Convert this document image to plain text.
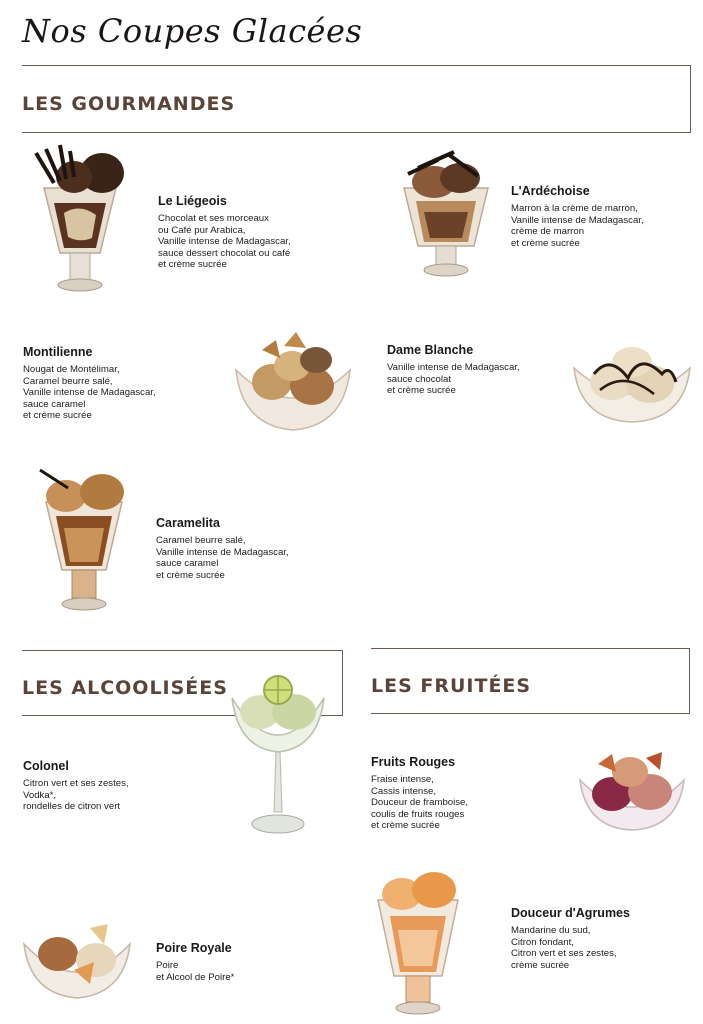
Nos Coupes Glacées
LES GOURMANDES
Le Liégeois
Chocolat et ses morceaux
ou Café pur Arabica,
Vanille intense de Madagascar,
sauce dessert chocolat ou café
et crème sucrée
L'Ardéchoise
Marron à la crème de marron,
Vanille intense de Madagascar,
crème de marron
et crème sucrée
Montilienne
Nougat de Montélimar,
Caramel beurre salé,
Vanille intense de Madagascar,
sauce caramel
et crème sucrée
Dame Blanche
Vanille intense de Madagascar,
sauce chocolat
et crème sucrée
Caramelita
Caramel beurre salé,
Vanille intense de Madagascar,
sauce caramel
et crème sucrée
LES ALCOOLISÉES	LES FRUITÉES
Colonel
Citron vert et ses zestes,
Vodka*,
rondelles de citron vert
Fruits Rouges
Fraise intense,
Cassis intense,
Douceur de framboise,
coulis de fruits rouges
et crème sucrée
Douceur d'Agrumes
Mandarine du sud,
Citron fondant,
Citron vert et ses zestes,
crème sucrée
Poire Royale
Poire
et Alcool de Poire*
